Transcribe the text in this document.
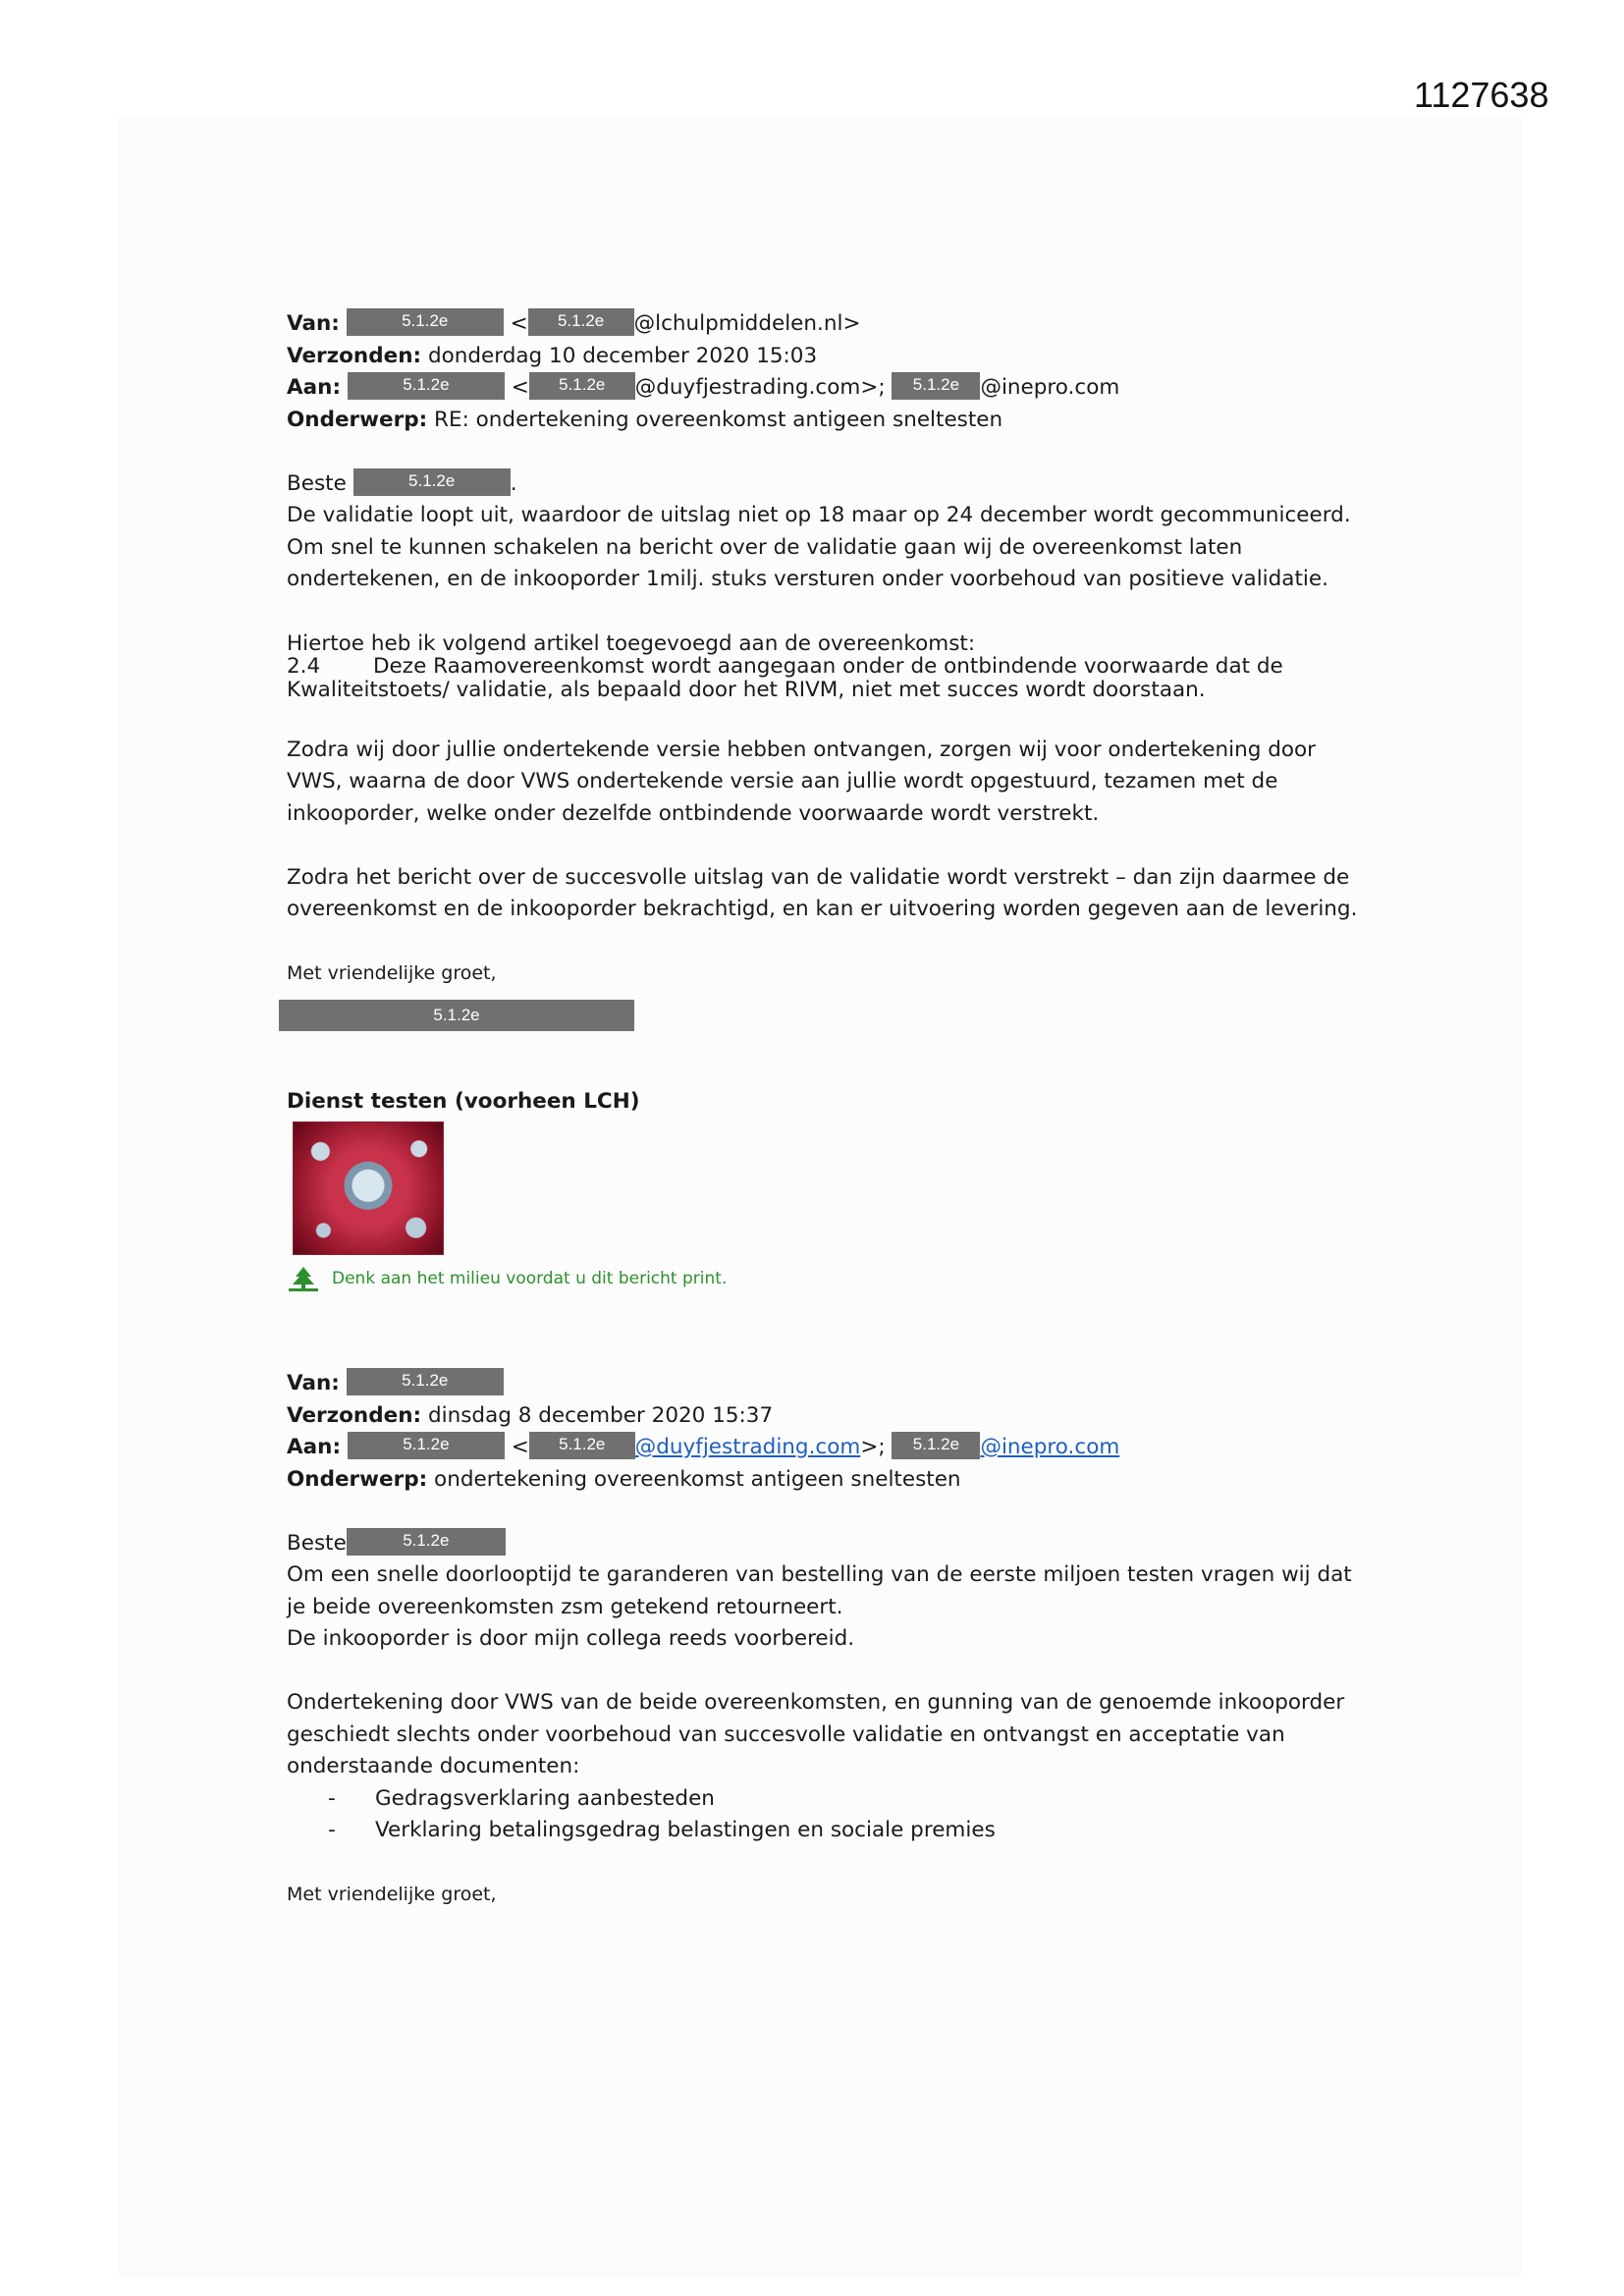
1127638
Van:	5.1.2e	< 5.1.2e @lchulpmiddelen.nl>
Verzonden: donderdag 10 december 2020 15:03
Aan:	5.1.2e	< 5.1.2e @duyfjestrading.com>; 5.1.2e @inepro.com
Onderwerp: RE: ondertekening overeenkomst antigeen sneltesten
Beste	5.1.2e	.
De validatie loopt uit, waardoor de uitslag niet op 18 maar op 24 december wordt gecommuniceerd.
Om snel te kunnen schakelen na bericht over de validatie gaan wij de overeenkomst laten
ondertekenen, en de inkooporder 1milj. stuks versturen onder voorbehoud van positieve validatie.
Hiertoe heb ik volgend artikel toegevoegd aan de overeenkomst:
2.4	Deze Raamovereenkomst wordt aangegaan onder de ontbindende voorwaarde dat de
Kwaliteitstoets/ validatie, als bepaald door het RIVM, niet met succes wordt doorstaan.
Zodra wij door jullie ondertekende versie hebben ontvangen, zorgen wij voor ondertekening door
VWS, waarna de door VWS ondertekende versie aan jullie wordt opgestuurd, tezamen met de
inkooporder, welke onder dezelfde ontbindende voorwaarde wordt verstrekt.
Zodra het bericht over de succesvolle uitslag van de validatie wordt verstrekt – dan zijn daarmee de
overeenkomst en de inkooporder bekrachtigd, en kan er uitvoering worden gegeven aan de levering.
Met vriendelijke groet,
5.1.2e
Dienst testen (voorheen LCH)
Denk aan het milieu voordat u dit bericht print.
Van:	5.1.2e
Verzonden: dinsdag 8 december 2020 15:37
Aan:	5.1.2e	< 5.1.2e @duyfjestrading.com>; 5.1.2e @inepro.com
Onderwerp: ondertekening overeenkomst antigeen sneltesten
Beste	5.1.2e
Om een snelle doorlooptijd te garanderen van bestelling van de eerste miljoen testen vragen wij dat
je beide overeenkomsten zsm getekend retourneert.
De inkooporder is door mijn collega reeds voorbereid.
Ondertekening door VWS van de beide overeenkomsten, en gunning van de genoemde inkooporder
geschiedt slechts onder voorbehoud van succesvolle validatie en ontvangst en acceptatie van
onderstaande documenten:
-	Gedragsverklaring aanbesteden
-	Verklaring betalingsgedrag belastingen en sociale premies
Met vriendelijke groet,
